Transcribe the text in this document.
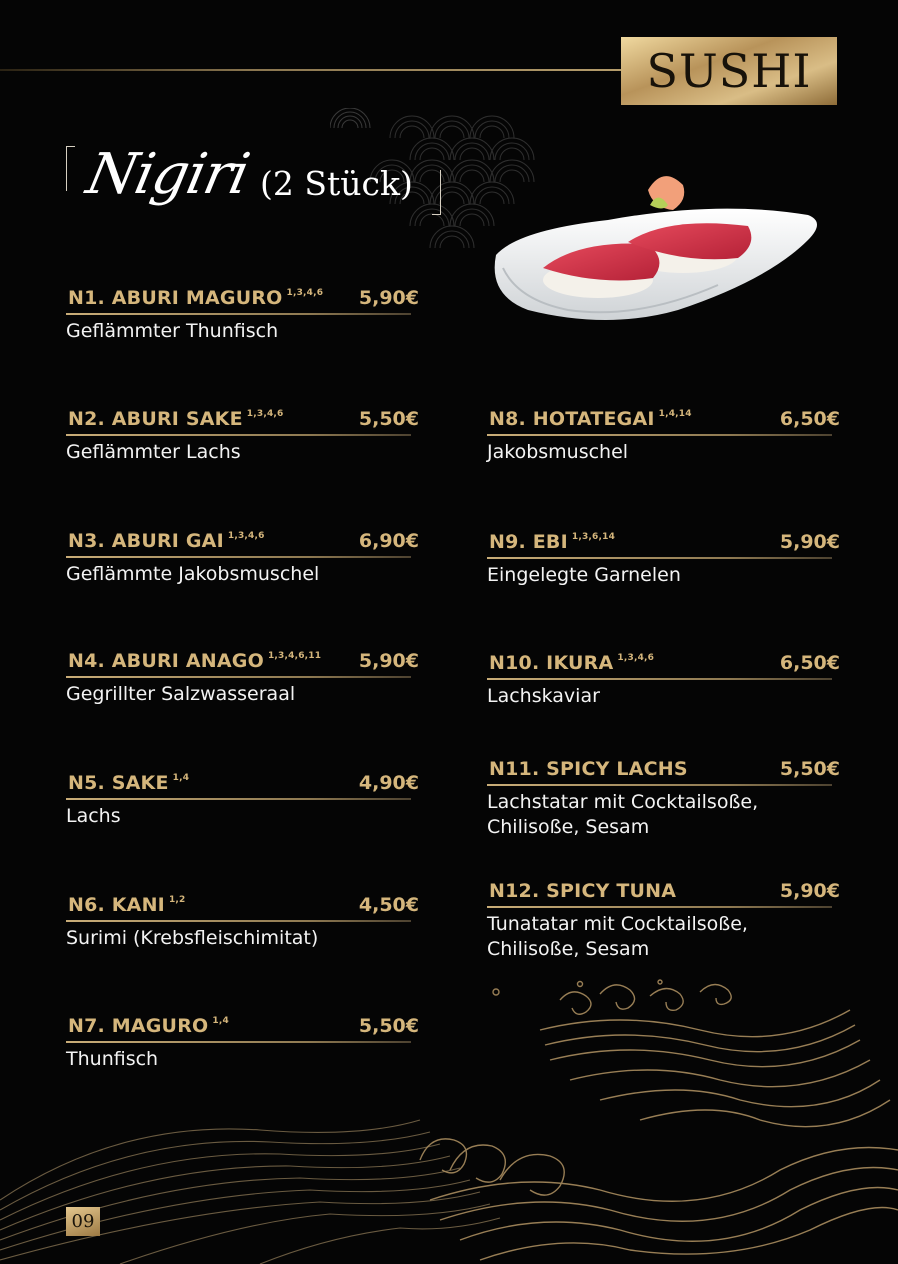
SUSHI
Nigiri (2 Stück)
N1. ABURI MAGURO $^{1,3,4,6}$ 5,90€
Geflämmter Thunfisch
N2. ABURI SAKE $^{1,3,4,6}$	5,50€
Geflämmter Lachs
N3. ABURI GAI $^{1,3,4,6}$	6,90€
Geflämmte Jakobsmuschel
N4. ABURI ANAGO $^{1,3,4,6,11}$ 5,90€
Gegrillter Salzwasseraal
N5. SAKE $^{1,4}$	4,90€
Lachs
N6. KANI $^{1,2}$	4,50€
Surimi (Krebsfleischimitat)
N7. MAGURO $^{1,4}$	5,50€
Thunfisch
N8. HOTATEGAI $^{1,4,14}$	6,50€
Jakobsmuschel
N9. EBI $^{1,3,6,14}$	5,90€
Eingelegte Garnelen
N10. IKURA $^{1,3,4,6}$	6,50€
Lachskaviar
N11. SPICY LACHS	5,50€
Lachstatar mit Cocktailsoße,
Chilisoße, Sesam
N12. SPICY TUNA	5,90€
Tunatatar mit Cocktailsoße,
Chilisoße, Sesam
09
